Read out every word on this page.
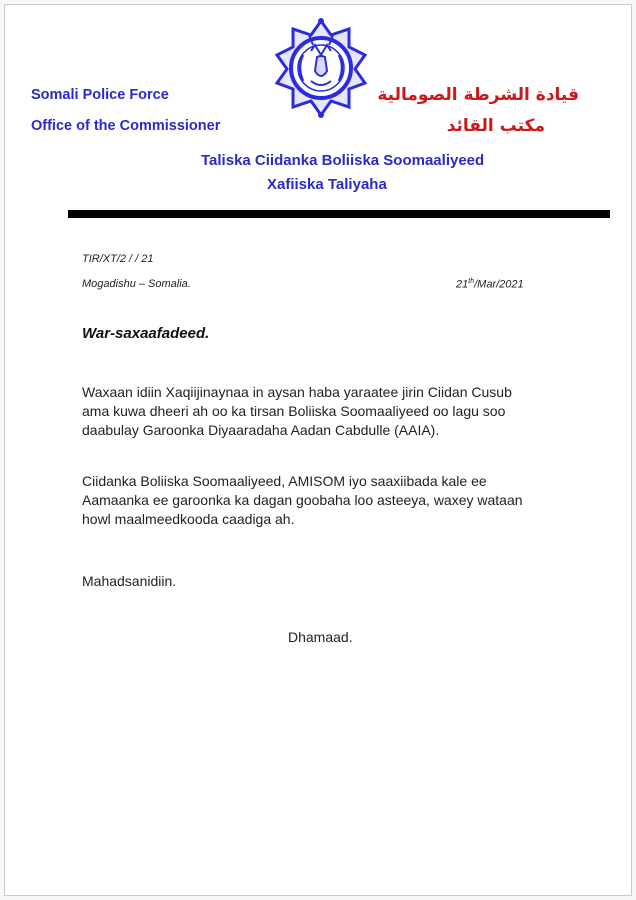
Somali Police Force
Office of the Commissioner
قيادة الشرطة الصومالية
مكتب القائد
Taliska Ciidanka Boliiska Soomaaliyeed
Xafiiska Taliyaha
TIR/XT/2 / / 21
Mogadishu – Somalia.	21th/Mar/2021
War-saxaafadeed.
Waxaan idiin Xaqiijinaynaa in aysan haba yaraatee jirin Ciidan Cusub
ama kuwa dheeri ah oo ka tirsan Boliiska Soomaaliyeed oo lagu soo
daabulay Garoonka Diyaaradaha Aadan Cabdulle (AAIA).
Ciidanka Boliiska Soomaaliyeed, AMISOM iyo saaxiibada kale ee
Aamaanka ee garoonka ka dagan goobaha loo asteeya, waxey wataan
howl maalmeedkooda caadiga ah.
Mahadsanidiin.
Dhamaad.
